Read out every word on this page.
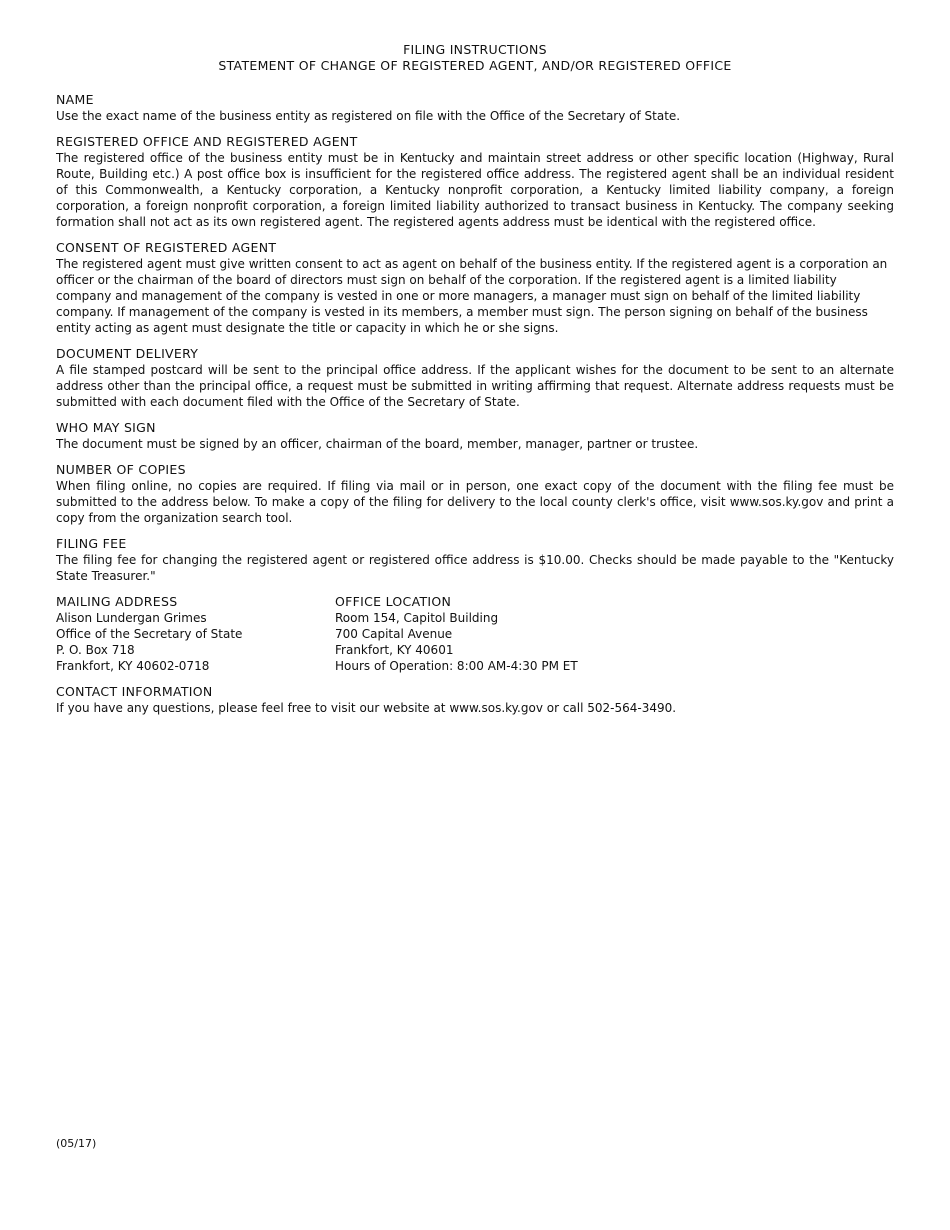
FILING INSTRUCTIONS
STATEMENT OF CHANGE OF REGISTERED AGENT, AND/OR REGISTERED OFFICE
NAME
Use the exact name of the business entity as registered on file with the Office of the Secretary of State.
REGISTERED OFFICE AND REGISTERED AGENT
The registered office of the business entity must be in Kentucky and maintain street address or other specific location (Highway, Rural Route, Building etc.) A post office box is insufficient for the registered office address. The registered agent shall be an individual resident of this Commonwealth, a Kentucky corporation, a Kentucky nonprofit corporation, a Kentucky limited liability company, a foreign corporation, a foreign nonprofit corporation, a foreign limited liability authorized to transact business in Kentucky. The company seeking formation shall not act as its own registered agent. The registered agents address must be identical with the registered office.
CONSENT OF REGISTERED AGENT
The registered agent must give written consent to act as agent on behalf of the business entity. If the registered agent is a corporation an officer or the chairman of the board of directors must sign on behalf of the corporation. If the registered agent is a limited liability company and management of the company is vested in one or more managers, a manager must sign on behalf of the limited liability company. If management of the company is vested in its members, a member must sign. The person signing on behalf of the business entity acting as agent must designate the title or capacity in which he or she signs.
DOCUMENT DELIVERY
A file stamped postcard will be sent to the principal office address. If the applicant wishes for the document to be sent to an alternate address other than the principal office, a request must be submitted in writing affirming that request. Alternate address requests must be submitted with each document filed with the Office of the Secretary of State.
WHO MAY SIGN
The document must be signed by an officer, chairman of the board, member, manager, partner or trustee.
NUMBER OF COPIES
When filing online, no copies are required. If filing via mail or in person, one exact copy of the document with the filing fee must be submitted to the address below. To make a copy of the filing for delivery to the local county clerk's office, visit www.sos.ky.gov and print a copy from the organization search tool.
FILING FEE
The filing fee for changing the registered agent or registered office address is $10.00. Checks should be made payable to the "Kentucky State Treasurer."
MAILING ADDRESS
Alison Lundergan Grimes
Office of the Secretary of State
P. O. Box 718
Frankfort, KY 40602-0718
OFFICE LOCATION
Room 154, Capitol Building
700 Capital Avenue
Frankfort, KY 40601
Hours of Operation: 8:00 AM-4:30 PM ET
CONTACT INFORMATION
If you have any questions, please feel free to visit our website at www.sos.ky.gov or call 502-564-3490.
(05/17)
